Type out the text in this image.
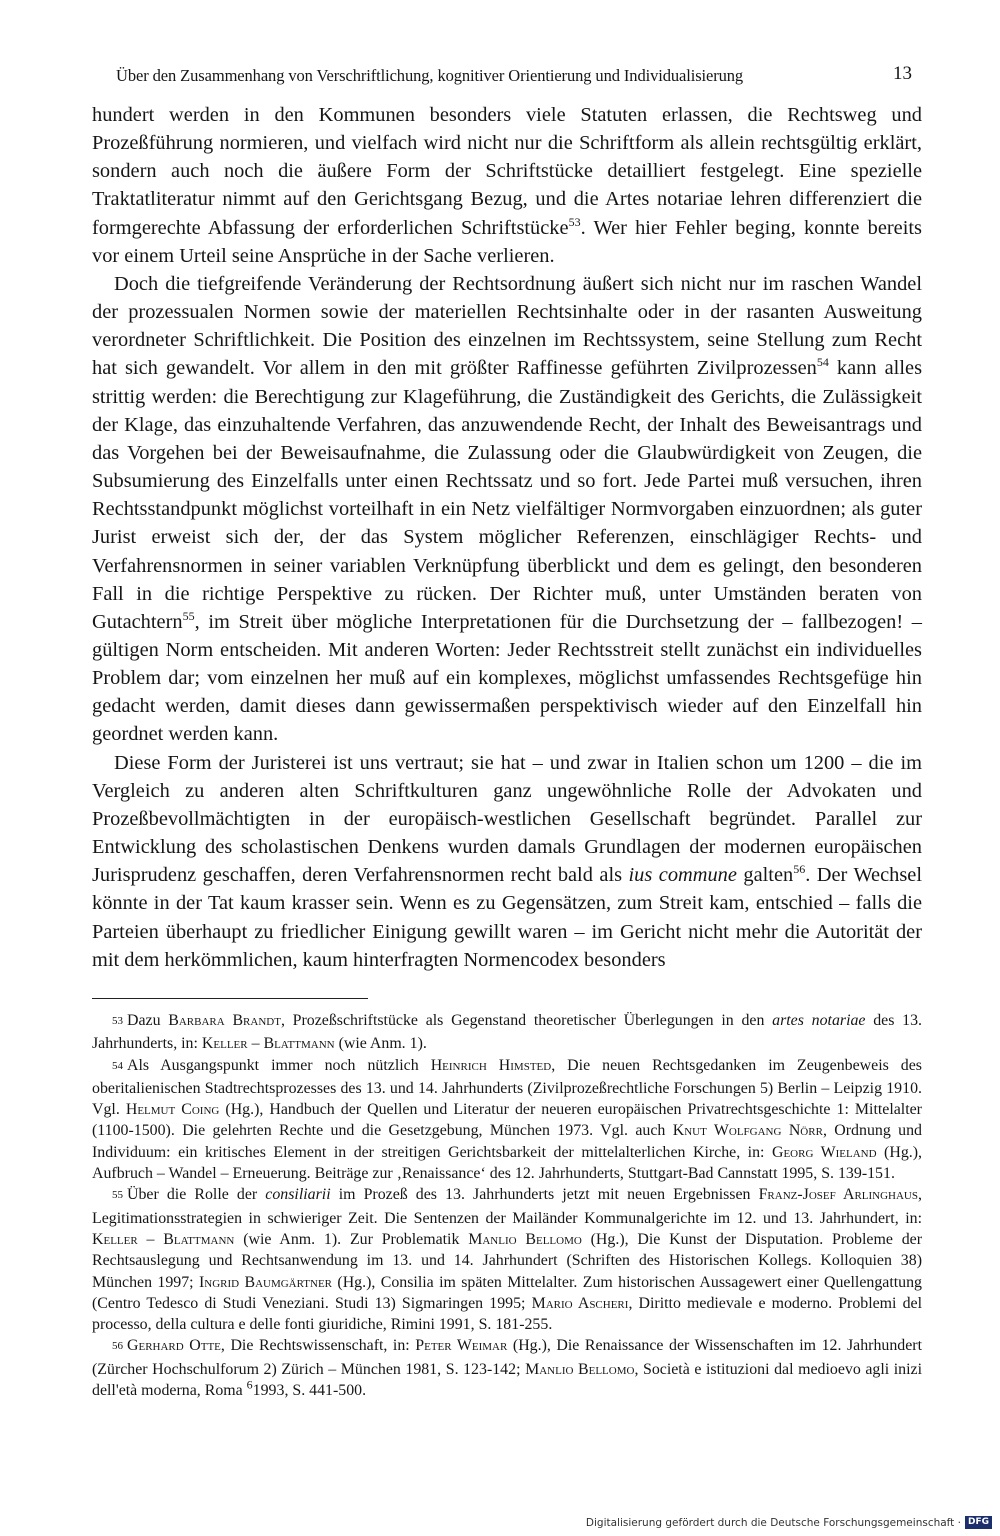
Über den Zusammenhang von Verschriftlichung, kognitiver Orientierung und Individualisierung	13

hundert werden in den Kommunen besonders viele Statuten erlassen, die Rechtsweg und Prozeßführung normieren, und vielfach wird nicht nur die Schriftform als allein rechtsgültig erklärt, sondern auch noch die äußere Form der Schriftstücke detailliert festgelegt. Eine spezielle Traktatliteratur nimmt auf den Gerichtsgang Bezug, und die Artes notariae lehren differenziert die formgerechte Abfassung der erforderlichen Schriftstücke$^{53}$. Wer hier Fehler beging, konnte bereits vor einem Urteil seine Ansprüche in der Sache verlieren.

Doch die tiefgreifende Veränderung der Rechtsordnung äußert sich nicht nur im raschen Wandel der prozessualen Normen sowie der materiellen Rechtsinhalte oder in der rasanten Ausweitung verordneter Schriftlichkeit. Die Position des einzelnen im Rechtssystem, seine Stellung zum Recht hat sich gewandelt. Vor allem in den mit größter Raffinesse geführten Zivilprozessen$^{54}$ kann alles strittig werden: die Berechtigung zur Klageführung, die Zuständigkeit des Gerichts, die Zulässigkeit der Klage, das einzuhaltende Verfahren, das anzuwendende Recht, der Inhalt des Beweisantrags und das Vorgehen bei der Beweisaufnahme, die Zulassung oder die Glaubwürdigkeit von Zeugen, die Subsumierung des Einzelfalls unter einen Rechtssatz und so fort. Jede Partei muß versuchen, ihren Rechtsstandpunkt möglichst vorteilhaft in ein Netz vielfältiger Normvorgaben einzuordnen; als guter Jurist erweist sich der, der das System möglicher Referenzen, einschlägiger Rechts- und Verfahrensnormen in seiner variablen Verknüpfung überblickt und dem es gelingt, den besonderen Fall in die richtige Perspektive zu rücken. Der Richter muß, unter Umständen beraten von Gutachtern$^{55}$, im Streit über mögliche Interpretationen für die Durchsetzung der – fallbezogen! – gültigen Norm entscheiden. Mit anderen Worten: Jeder Rechtsstreit stellt zunächst ein individuelles Problem dar; vom einzelnen her muß auf ein komplexes, möglichst umfassendes Rechtsgefüge hin gedacht werden, damit dieses dann gewissermaßen perspektivisch wieder auf den Einzelfall hin geordnet werden kann.

Diese Form der Juristerei ist uns vertraut; sie hat – und zwar in Italien schon um 1200 – die im Vergleich zu anderen alten Schriftkulturen ganz ungewöhnliche Rolle der Advokaten und Prozeßbevollmächtigten in der europäisch-westlichen Gesellschaft begründet. Parallel zur Entwicklung des scholastischen Denkens wurden damals Grundlagen der modernen europäischen Jurisprudenz geschaffen, deren Verfahrensnormen recht bald als ius commune galten$^{56}$. Der Wechsel könnte in der Tat kaum krasser sein. Wenn es zu Gegensätzen, zum Streit kam, entschied – falls die Parteien überhaupt zu friedlicher Einigung gewillt waren – im Gericht nicht mehr die Autorität der mit dem herkömmlichen, kaum hinterfragten Normencodex besonders

53 Dazu Barbara Brandt, Prozeßschriftstücke als Gegenstand theoretischer Überlegungen in den artes notariae des 13. Jahrhunderts, in: Keller – Blattmann (wie Anm. 1).

54 Als Ausgangspunkt immer noch nützlich Heinrich Himsted, Die neuen Rechtsgedanken im Zeugenbeweis des oberitalienischen Stadtrechtsprozesses des 13. und 14. Jahrhunderts (Zivilprozeßrechtliche Forschungen 5) Berlin – Leipzig 1910. Vgl. Helmut Coing (Hg.), Handbuch der Quellen und Literatur der neueren europäischen Privatrechtsgeschichte 1: Mittelalter (1100-1500). Die gelehrten Rechte und die Gesetzgebung, München 1973. Vgl. auch Knut Wolfgang Nörr, Ordnung und Individuum: ein kritisches Element in der streitigen Gerichtsbarkeit der mittelalterlichen Kirche, in: Georg Wieland (Hg.), Aufbruch – Wandel – Erneuerung. Beiträge zur ‚Renaissance‘ des 12. Jahrhunderts, Stuttgart-Bad Cannstatt 1995, S. 139-151.

55 Über die Rolle der consiliarii im Prozeß des 13. Jahrhunderts jetzt mit neuen Ergebnissen Franz-Josef Arlinghaus, Legitimationsstrategien in schwieriger Zeit. Die Sentenzen der Mailänder Kommunalgerichte im 12. und 13. Jahrhundert, in: Keller – Blattmann (wie Anm. 1). Zur Problematik Manlio Bellomo (Hg.), Die Kunst der Disputation. Probleme der Rechtsauslegung und Rechtsanwendung im 13. und 14. Jahrhundert (Schriften des Historischen Kollegs. Kolloquien 38) München 1997; Ingrid Baumgärtner (Hg.), Consilia im späten Mittelalter. Zum historischen Aussagewert einer Quellengattung (Centro Tedesco di Studi Veneziani. Studi 13) Sigmaringen 1995; Mario Ascheri, Diritto medievale e moderno. Problemi del processo, della cultura e delle fonti giuridiche, Rimini 1991, S. 181-255.

56 Gerhard Otte, Die Rechtswissenschaft, in: Peter Weimar (Hg.), Die Renaissance der Wissenschaften im 12. Jahrhundert (Zürcher Hochschulforum 2) Zürich – München 1981, S. 123-142; Manlio Bellomo, Società e istituzioni dal medioevo agli inizi dell'età moderna, Roma $^6$1993, S. 441-500.

Digitalisierung gefördert durch die Deutsche Forschungsgemeinschaft · DFG
